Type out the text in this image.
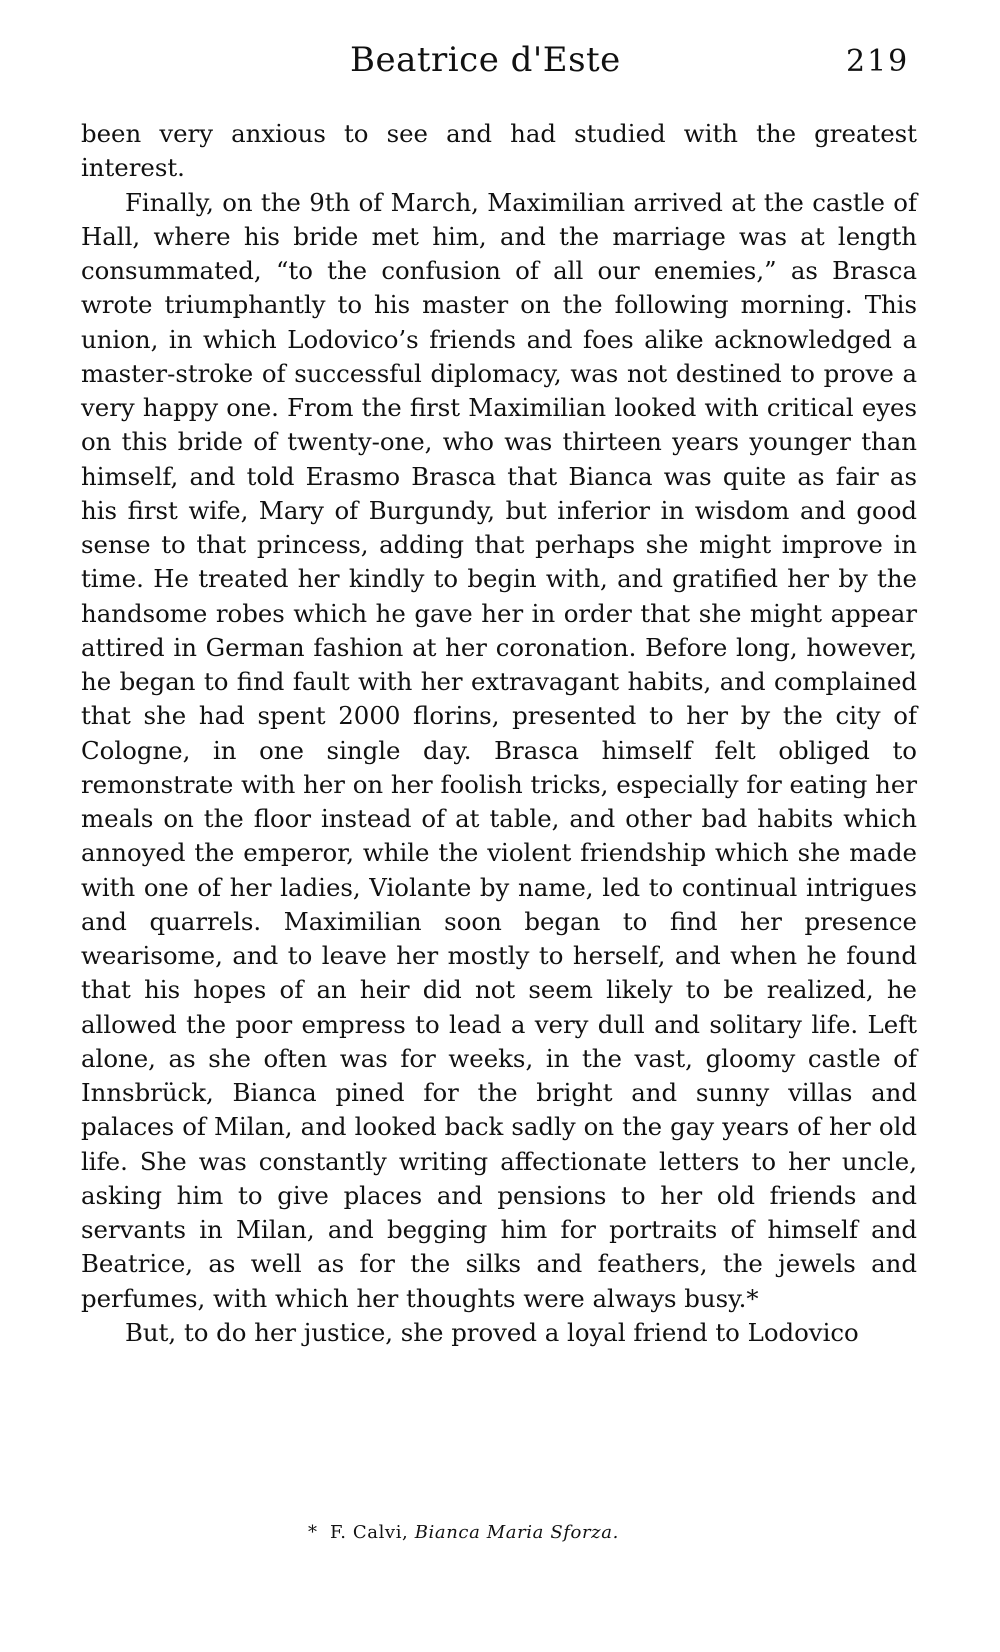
Beatrice d'Este	219

been very anxious to see and had studied with the greatest interest.

Finally, on the 9th of March, Maximilian arrived at the castle of Hall, where his bride met him, and the marriage was at length consummated, “to the confusion of all our enemies,” as Brasca wrote triumphantly to his master on the following morning. This union, in which Lodovico’s friends and foes alike acknowledged a master-stroke of successful diplomacy, was not destined to prove a very happy one. From the first Maximilian looked with critical eyes on this bride of twenty-one, who was thirteen years younger than himself, and told Erasmo Brasca that Bianca was quite as fair as his first wife, Mary of Burgundy, but inferior in wisdom and good sense to that princess, adding that perhaps she might improve in time. He treated her kindly to begin with, and gratified her by the handsome robes which he gave her in order that she might appear attired in German fashion at her coronation. Before long, however, he began to find fault with her extravagant habits, and complained that she had spent 2000 florins, presented to her by the city of Cologne, in one single day. Brasca himself felt obliged to remonstrate with her on her foolish tricks, especially for eating her meals on the floor instead of at table, and other bad habits which annoyed the emperor, while the violent friendship which she made with one of her ladies, Violante by name, led to continual intrigues and quarrels. Maximilian soon began to find her presence wearisome, and to leave her mostly to herself, and when he found that his hopes of an heir did not seem likely to be realized, he allowed the poor empress to lead a very dull and solitary life. Left alone, as she often was for weeks, in the vast, gloomy castle of Innsbrück, Bianca pined for the bright and sunny villas and palaces of Milan, and looked back sadly on the gay years of her old life. She was constantly writing affectionate letters to her uncle, asking him to give places and pensions to her old friends and servants in Milan, and begging him for portraits of himself and Beatrice, as well as for the silks and feathers, the jewels and perfumes, with which her thoughts were always busy.*

But, to do her justice, she proved a loyal friend to Lodovico

* F. Calvi, Bianca Maria Sforza.
